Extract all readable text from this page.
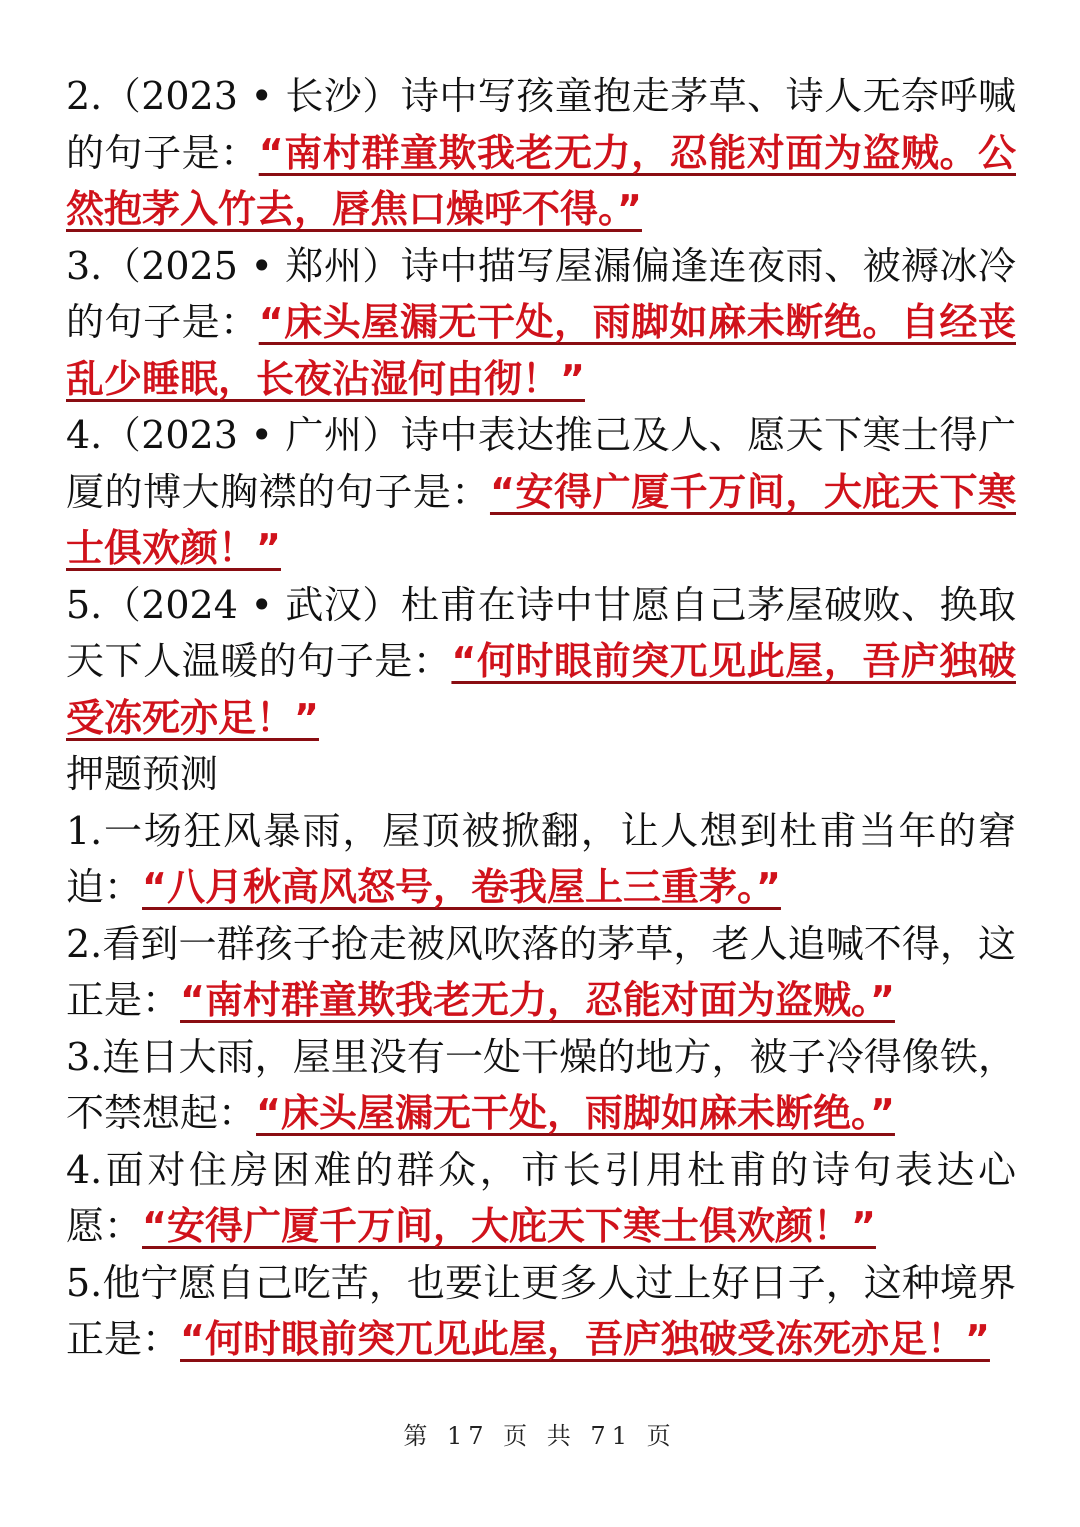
2.（2023 • 长沙）诗中写孩童抱走茅草、诗人无奈呼喊的句子是：“南村群童欺我老无力，忍能对面为盗贼。公然抱茅入竹去，唇焦口燥呼不得。”

3.（2025 • 郑州）诗中描写屋漏偏逢连夜雨、被褥冰冷的句子是：“床头屋漏无干处，雨脚如麻未断绝。自经丧乱少睡眠，长夜沾湿何由彻！”

4.（2023 • 广州）诗中表达推己及人、愿天下寒士得广厦的博大胸襟的句子是：“安得广厦千万间，大庇天下寒士俱欢颜！”

5.（2024 • 武汉）杜甫在诗中甘愿自己茅屋破败、换取天下人温暖的句子是：“何时眼前突兀见此屋，吾庐独破受冻死亦足！”

押题预测

1.一场狂风暴雨，屋顶被掀翻，让人想到杜甫当年的窘迫：“八月秋高风怒号，卷我屋上三重茅。”

2.看到一群孩子抢走被风吹落的茅草，老人追喊不得，这正是：“南村群童欺我老无力，忍能对面为盗贼。”

3.连日大雨，屋里没有一处干燥的地方，被子冷得像铁，不禁想起：“床头屋漏无干处，雨脚如麻未断绝。”

4.面对住房困难的群众，市长引用杜甫的诗句表达心愿：“安得广厦千万间，大庇天下寒士俱欢颜！”

5.他宁愿自己吃苦，也要让更多人过上好日子，这种境界正是：“何时眼前突兀见此屋，吾庐独破受冻死亦足！”

第 17 页 共 71 页
